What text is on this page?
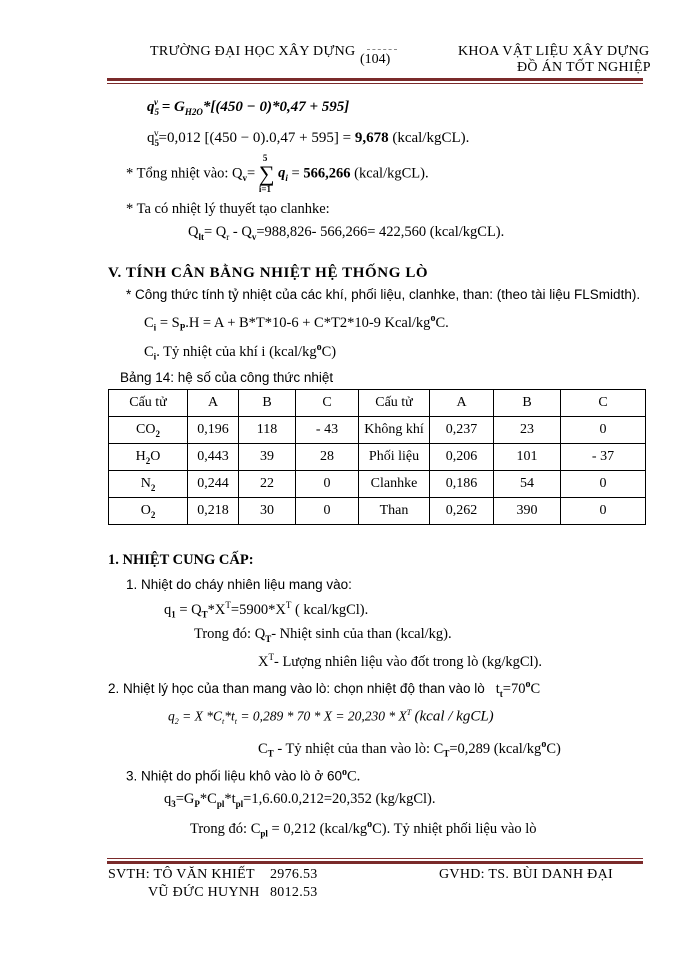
TRƯỜNG ĐẠI HỌC XÂY DỰNG
(104)
KHOA VẬT LIỆU XÂY DỰNG
ĐỒ ÁN TỐT NGHIỆP
$q_5^v = G_{H2O}*[(450 - 0)*0,47 + 595]$
$q_5^v=0,012$ [(450 − 0).0,47 + 595] = 9,678 (kcal/kgCL).
* Tổng nhiệt vào: $Q_v=$ ∑
5
i=1
$q_i = 566,266$ (kcal/kgCL).
* Ta có nhiệt lý thuyết tạo clanhke:
$Q_{lt}= Q_r - Q_v=988,826-$ 566,266= 422,560 (kcal/kgCL).
V. TÍNH CÂN BẰNG NHIỆT HỆ THỐNG LÒ
* Công thức tính tỷ nhiệt của các khí, phối liệu, clanhke, than: (theo tài liệu FLSmidth).
$C_i = S_P.H = A + B*T*10-6 + C*T2*10-9$ Kcal/$kg^oC$.
$C_i$. Tỷ nhiệt của khí i $(kcal/kg^oC)$
Bảng 14: hệ số của công thức nhiệt
Cấu tử	A	B	C	Cấu tử	A	B	C
$CO_2$	0,196	118	- 43	Không khí	0,237	23	0
$H_2O$	0,443	39	28	Phối liệu	0,206	101	- 37
$N_2$	0,244	22	0	Clanhke	0,186	54	0
$O_2$	0,218	30	0	Than	0,262	390	0
1. NHIỆT CUNG CẤP:
1. Nhiệt do cháy nhiên liệu mang vào:
$q_1 = Q_T*X^T=5900*X^T$ ( kcal/kgCl).
Trong đó: $Q_T-$ Nhiệt sinh của than (kcal/kg).
$X^T-$ Lượng nhiên liệu vào đốt trong lò (kg/kgCl).
2. Nhiệt lý học của than mang vào lò: chọn nhiệt độ than vào lò   $t_t=70^oC$
$q_2 = X$ $*C_t*t_t = 0,289 * 70 * X = 20,230 * X^T$ (kcal / kgCL)
$C_T$ - Tỷ nhiệt của than vào lò: $C_T=0,289$ $(kcal/kg^oC)$
3. Nhiệt do phối liệu khô vào lò ở 60$^o$C.
$q_3=G_P*C_{pl}*t_{pl}=1,6.60.0,212=20,352$ (kg/kgCl).
Trong đó: $C_{pl} = 0,212$ $(kcal/kg^oC)$. Tỷ nhiệt phối liệu vào lò
SVTH: TÔ VĂN KHIẾT 2976.53
VŨ ĐỨC HUYNH 8012.53
GVHD: TS. BÙI DANH ĐẠI
